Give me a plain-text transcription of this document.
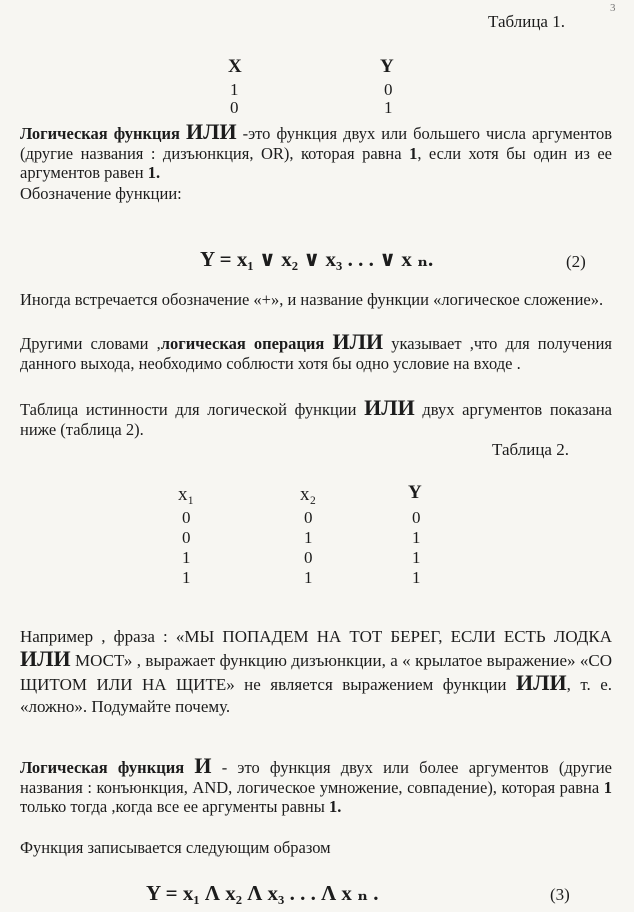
3
Таблица 1.
X	Y
1	0
0	1
Логическая функция ИЛИ -это функция двух или большего числа аргументов (другие названия : дизъюнкция, OR), которая равна 1, если хотя бы один из ее аргументов равен 1.
Обозначение функции:
Y = x₁ ∨ x₂ ∨ x₃ . . . ∨ x ₙ.	(2)
Иногда встречается обозначение «+», и название функции «логическое сложение».
Другими словами ,логическая операция ИЛИ указывает ,что для получения данного выхода, необходимо соблюсти хотя бы одно условие на входе .
Таблица истинности для логической функции ИЛИ двух аргументов показана ниже (таблица 2).
Таблица 2.
x₁	x₂	Y
0	0	0
0	1	1
1	0	1
1	1	1
Например , фраза : «МЫ ПОПАДЕМ НА ТОТ БЕРЕГ, ЕСЛИ ЕСТЬ ЛОДКА ИЛИ МОСТ» , выражает функцию дизъюнкции, а « крылатое выражение» «СО ЩИТОМ ИЛИ НА ЩИТЕ» не является выражением функции ИЛИ, т. е. «ложно». Подумайте почему.
Логическая функция И - это функция двух или более аргументов (другие названия : конъюнкция, AND, логическое умножение, совпадение), которая равна 1 только тогда ,когда все ее аргументы равны 1.
Функция записывается следующим образом
Y = x₁ Λ x₂ Λ x₃ . . . Λ x ₙ .	(3)
